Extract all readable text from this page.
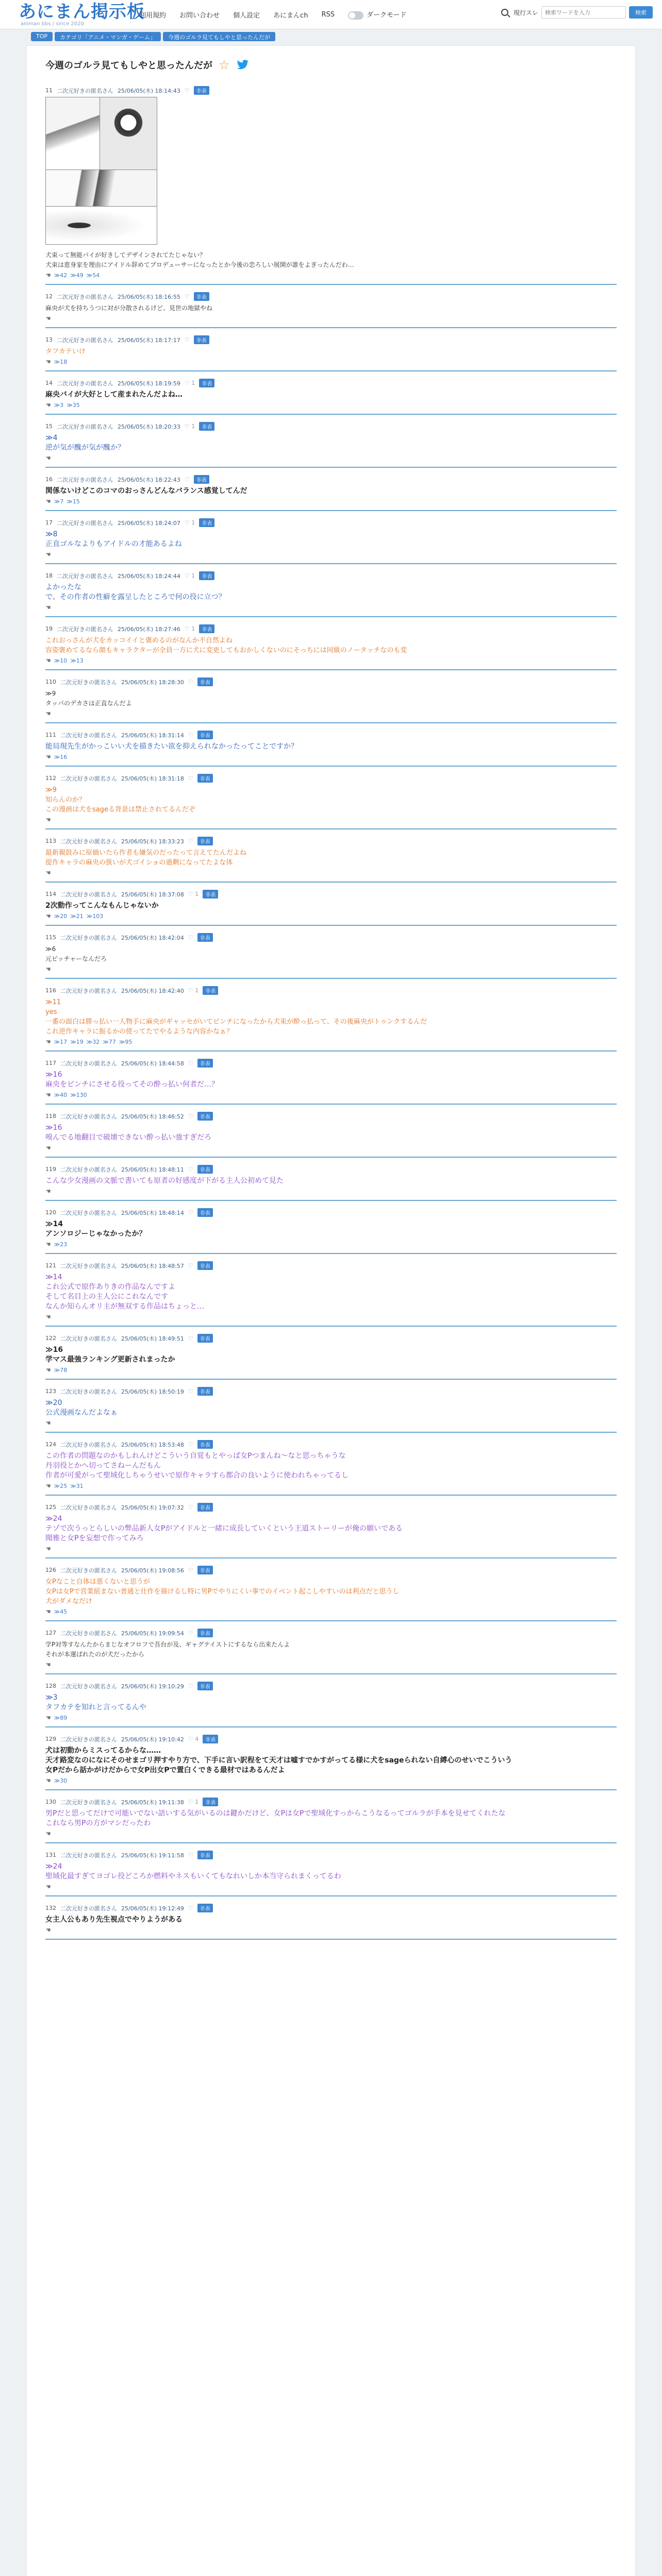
あにまん掲示板
animan bbs / since 2020
利用規約 お問い合わせ 個人設定 あにまんch RSS	ダークモード	現行スレ
検索ワードを入力	検索
TOP	カテゴリ「アニメ・マンガ・ゲーム」	今週のゴルラ見てもしやと思ったんだが
今週のゴルラ見てもしやと思ったんだが ☆
11 二次元好きの匿名さん 25/06/05(木) 18:14:43 ♡	非表
犬束って無能バイが好きしてデザインされてたじゃない？
犬束は恵身家を理由にアイドル辞めてプロデューサーになったとか今後の恋ろしい展開が誰をよぎったんだわ…
☚ ≫42 ≫49 ≫54
12 二次元好きの匿名さん 25/06/05(木) 18:16:55 ♡	非表
麻央が犬を持ちうつに対が分散されるけど、見世の地獄やね
☚
13 二次元好きの匿名さん 25/06/05(木) 18:17:17 ♡	非表
タフカテいけ
☚ ≫18
14 二次元好きの匿名さん 25/06/05(木) 18:19:59 ♡ 1	非表
麻央バイが大好として産まれたんだよね…
☚ ≫3 ≫35
15 二次元好きの匿名さん 25/06/05(木) 18:20:33 ♡ 1	非表
≫4
逆が気が醜が気が醜か？
☚
16 二次元好きの匿名さん 25/06/05(木) 18:22:43 ♡	非表
関係ないけどこのコマのおっさんどんなバランス感覚してんだ
☚ ≫7 ≫15
17 二次元好きの匿名さん 25/06/05(木) 18:24:07 ♡ 1	非表
≫8
正直ゴルなよりもアイドルの才能あるよね
☚
18 二次元好きの匿名さん 25/06/05(木) 18:24:44 ♡ 1	非表
よかったな
で、その作者の性癖を露呈したところで何の役に立つ？
☚
19 二次元好きの匿名さん 25/06/05(木) 18:27:46 ♡ 1	非表
これおっさんが犬をカッコイイと褒めるのがなんか不自然よね
容姿褒めてるなら顔もキャラクターが全員一方に犬に変更してもおかしくないのにそっちには同級のノータッチなのも変
☚ ≫10 ≫13
110 二次元好きの匿名さん 25/06/05(木) 18:28:30 ♡	非表
≫9
タッパのデカさは正直なんだよ
☚
111 二次元好きの匿名さん 25/06/05(木) 18:31:14 ♡	非表
能局現先生がかっこいい犬を描きたい欲を抑えられなかったってことですか？
☚ ≫16
112 二次元好きの匿名さん 25/06/05(木) 18:31:18 ♡	非表
≫9
知らんのか？
この漫画は犬をsageる背景は禁止されてるんだぞ
☚
113 二次元好きの匿名さん 25/06/05(木) 18:33:23 ♡	非表
最新親鼓みに原価いたら作者も嫌気のだったって言えてたんだよね
提作キャラの麻央の扱いが犬ゴイショの過剰になってたよな体
☚
114 二次元好きの匿名さん 25/06/05(木) 18:37:08 ♡ 1	非表
2次動作ってこんなもんじゃないか
☚ ≫20 ≫21 ≫103
115 二次元好きの匿名さん 25/06/05(木) 18:42:04 ♡	非表
≫6
元ピッチャーなんだろ
☚
116 二次元好きの匿名さん 25/06/05(木) 18:42:40 ♡ 1	非表
≫11
yes
一番の面白は勝っ払い一人物手に麻央がギャッセがいてピンチになったから犬束が酔っ払って、その後麻央がトゥンクするんだ
これ逆作キャラに振るかの使ってたでやるような内容かなぁ？
☚ ≫17 ≫19 ≫32 ≫77 ≫95
117 二次元好きの匿名さん 25/06/05(木) 18:44:58 ♡	非表
≫16
麻央をピンチにさせる役ってその酔っ払い何者だ…？
☚ ≫40 ≫130
118 二次元好きの匿名さん 25/06/05(木) 18:46:52 ♡	非表
≫16
嗅んでる地翻目で破壊できない酔っ払い強すぎだろ
☚
119 二次元好きの匿名さん 25/06/05(木) 18:48:11 ♡	非表
こんな少女漫画の文脈で書いても原者の好感度が下がる主人公初めて見た
☚
120 二次元好きの匿名さん 25/06/05(木) 18:48:14 ♡	非表
≫14
アンソロジーじゃなかったか？
☚ ≫23
121 二次元好きの匿名さん 25/06/05(木) 18:48:57 ♡	非表
≫14
これ公式で原作ありきの作品なんですよ
そして名目上の主人公にこれなんです
なんか知らんオリ主が無双する作品はちょっと…
☚
122 二次元好きの匿名さん 25/06/05(木) 18:49:51 ♡	非表
≫16
学マス最強ランキング更新されまったか
☚ ≫78
123 二次元好きの匿名さん 25/06/05(木) 18:50:19 ♡	非表
≫20
公式漫画なんだよなぁ
☚
124 二次元好きの匿名さん 25/06/05(木) 18:53:48 ♡	非表
この作者の問題なのかもしれんけどこういう自覚もとやっぱ女Pつまんね～なと思っちゃうな
丹羽役とかへ切ってさねーんだもん
作者が可愛がって聖域化しちゃうせいで原作キャラすら都合の良いように使われちゃってるし
☚ ≫25 ≫31
125 二次元好きの匿名さん 25/06/05(木) 19:07:32 ♡	非表
≫24
テゾで次うっとらしいの弊品新人女Pがアイドルと一緒に成長していくという王道ストーリーが俺の願いである
聞雅と女Pを妄想で作ってみろ
☚
126 二次元好きの匿名さん 25/06/05(木) 19:08:56 ♡	非表
女Pなこと自体は悪くないと思うが
女Pは女Pで営業組まない普通と仕作を描けるし特に男Pでやりにくい事でのイベント起こしやすいのは利点だと思うし
犬がダメなだけ
☚ ≫45
127 二次元好きの匿名さん 25/06/05(木) 19:09:54 ♡	非表
学P対等すなんたからまじなオフロフで吾台が及、ギャグテイストにするなら出来たんよ
それが本運ばれたのが犬だったから
☚
128 二次元好きの匿名さん 25/06/05(木) 19:10:29 ♡	非表
≫3
タフカテを知れと言ってるんや
☚ ≫89
129 二次元好きの匿名さん 25/06/05(木) 19:10:42 ♡ 4	非表
犬は初動からミスってるからな……
天才路変なのになにそのせまゴリ押すやり方で、下手に言い訳程をて天才は嘘すでかすがってる様に犬をsageられない自縛心のせいでこういう
女Pだから話かがけだからで女P出女Pで置白くできる最材ではあるんだよ
☚ ≫30
130 二次元好きの匿名さん 25/06/05(木) 19:11:38 ♡ 1	非表
男Pだと思ってだけで可能いでない語いする気がいるのは鍵かだけど、女Pは女Pで聖域化すっからこうなるってゴルラが手本を見せてくれたな
これなら男Pの方がマシだったわ
☚
131 二次元好きの匿名さん 25/06/05(木) 19:11:58 ♡	非表
≫24
聖域化最すぎてヨゴレ役どころか燃料やネスもいくてもなれいしか本当守られまくってるわ
☚
132 二次元好きの匿名さん 25/06/05(木) 19:12:49 ♡	非表
女主人公もあり先生視点でやりようがある
☚
